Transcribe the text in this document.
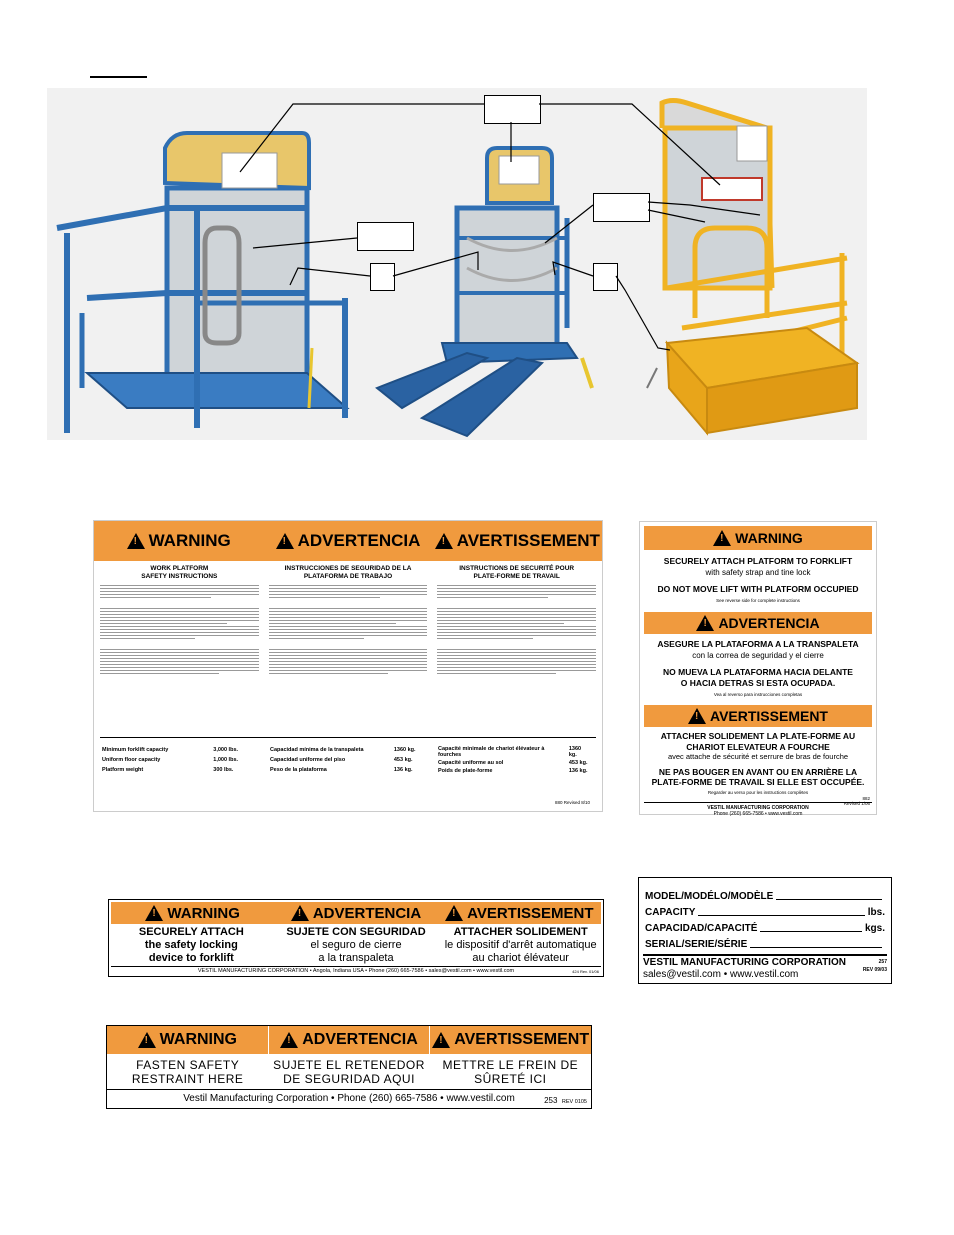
!
WARNING !	ADVERTENCIA ! AVERTISSEMENT
WORK PLATFORM
SAFETY INSTRUCTIONS
INSTRUCCIONES DE SEGURIDAD DE LA
PLATAFORMA DE TRABAJO
INSTRUCTIONS DE SECURITÉ POUR
PLATE-FORME DE TRAVAIL
Minimum forklift capacity	3,000 lbs.
Uniform floor capacity	1,000 lbs.
Platform weight	300 lbs.
Capacidad mínima de la transpaleta	1360 kg.
Capacidad uniforme del piso	453 kg.
Peso de la plataforma	136 kg.
Capacité minimale de chariot élévateur à fourches	1360 kg.
Capacité uniforme au sol	453 kg.
Poids de plate-forme	136 kg.
880 Revised 8/10
!
WARNING
SECURELY ATTACH PLATFORM TO FORKLIFT
with safety strap and tine lock
DO NOT MOVE LIFT WITH PLATFORM OCCUPIED
See reverse side for complete instructions
!
ADVERTENCIA
ASEGURE LA PLATAFORMA A LA TRANSPALETA
con la correa de seguridad y el cierre
NO MUEVA LA PLATAFORMA HACIA DELANTE
O HACIA DETRAS SI ESTA OCUPADA.
Vea al reverso para instrucciones completas
!
AVERTISSEMENT
ATTACHER SOLIDEMENT LA PLATE-FORME AU
CHARIOT ELEVATEUR A FOURCHE
avec attache de sécurité et serrure de bras de fourche
NE PAS BOUGER EN AVANT OU EN ARRIÈRE LA
PLATE-FORME DE TRAVAIL SI ELLE EST OCCUPÉE.
Regarder au verso pour les instructions complètes
VESTIL MANUFACTURING CORPORATION
Phone (260) 665-7586 • www.vestil.com
882
Revised 1/06
!
WARNING !	ADVERTENCIA !	AVERTISSEMENT
SECURELY ATTACH
the safety locking
device to forklift
SUJETE CON SEGURIDAD
el seguro de cierre
a la transpaleta
ATTACHER SOLIDEMENT
le dispositif d'arrêt automatique
au chariot élévateur
VESTIL MANUFACTURING CORPORATION • Angola, Indiana USA • Phone (260) 665-7586 • sales@vestil.com • www.vestil.com	424 Rev. 01/06
MODEL/MODÉLO/MODÈLE
CAPACITY	lbs.
CAPACIDAD/CAPACITÉ	kgs.
SERIAL/SERIE/SÉRIE
VESTIL MANUFACTURING CORPORATION
sales@vestil.com • www.vestil.com
257
REV 09/03
!
WARNING !	ADVERTENCIA ! AVERTISSEMENT
FASTEN SAFETY
RESTRAINT HERE
SUJETE EL RETENEDOR
DE SEGURIDAD AQUI
METTRE LE FREIN DE
SÛRETÉ ICI
Vestil Manufacturing Corporation • Phone (260) 665-7586 • www.vestil.com	253 REV 0105
